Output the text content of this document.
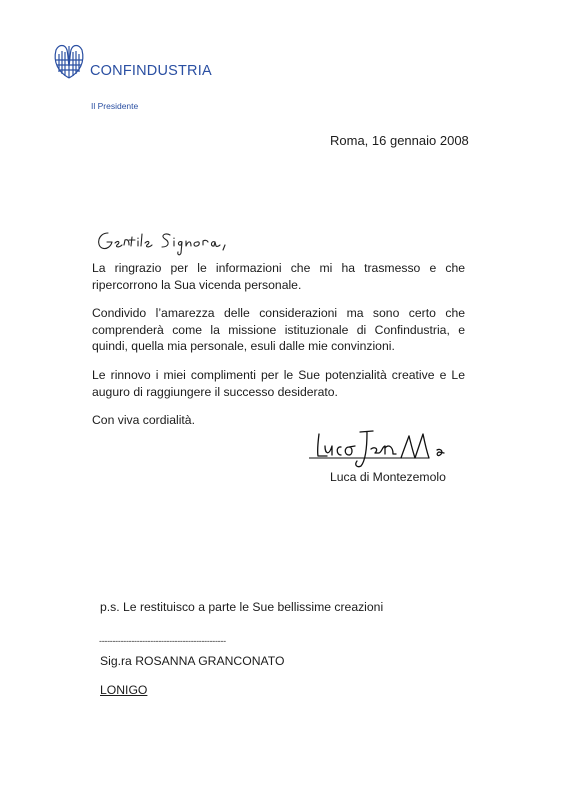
CONFINDUSTRIA
Il Presidente
Roma, 16 gennaio 2008

La ringrazio per le informazioni che mi ha trasmesso e che ripercorrono la Sua vicenda personale.

Condivido l’amarezza delle considerazioni ma sono certo che comprenderà come la missione istituzionale di Confindustria, e quindi, quella mia personale, esuli dalle mie convinzioni.

Le rinnovo i miei complimenti per le Sue potenzialità creative e Le auguro di raggiungere il successo desiderato.

Con viva cordialità.

Luca di Montezemolo
p.s. Le restituisco a parte le Sue bellissime creazioni
-----------------------------------------------
Sig.ra ROSANNA GRANCONATO
LONIGO
